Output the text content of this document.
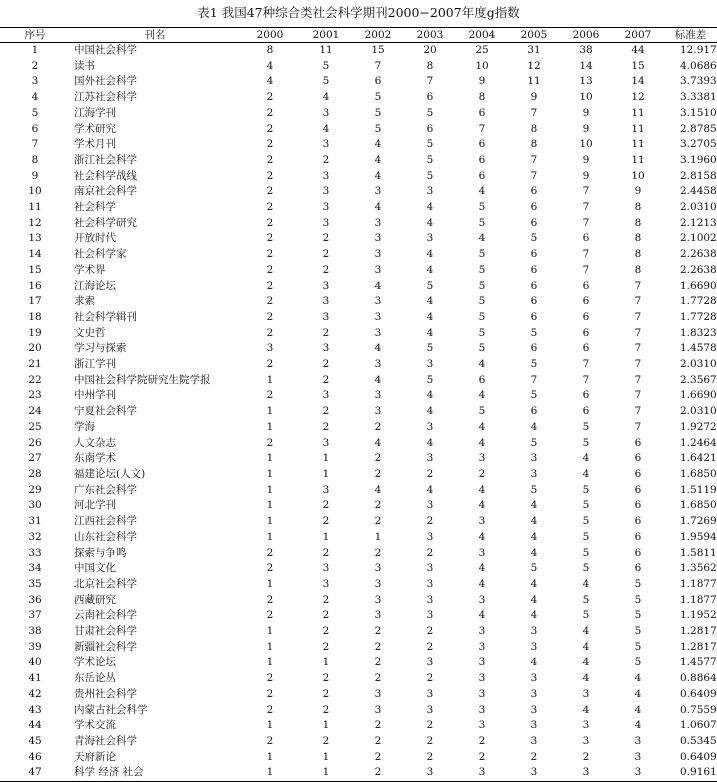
表1 我国47种综合类社会科学期刊2000−2007年度g指数
序号	刊名	2000	2001	2002	2003	2004	2005	2006	2007	标准差
1	中国社会科学	8	11	15	20	25	31	38	44	12.917
2	读书	4	5	7	8	10	12	14	15	4.0686
3	国外社会科学	4	5	6	7	9	11	13	14	3.7393
4	江苏社会科学	2	4	5	6	8	9	10	12	3.3381
5	江海学刊	2	3	5	5	6	7	9	11	3.1510
6	学术研究	2	4	5	6	7	8	9	11	2.8785
7	学术月刊	2	3	4	5	6	8	10	11	3.2705
8	浙江社会科学	2	2	4	5	6	7	9	11	3.1960
9	社会科学战线	2	3	4	5	6	7	9	10	2.8158
10	南京社会科学	2	3	3	3	4	6	7	9	2.4458
11	社会科学	2	3	4	4	5	6	7	8	2.0310
12	社会科学研究	2	3	3	4	5	6	7	8	2.1213
13	开放时代	2	2	3	3	4	5	6	8	2.1002
14	社会科学家	2	2	3	4	5	6	7	8	2.2638
15	学术界	2	2	3	4	5	6	7	8	2.2638
16	江海论坛	2	3	4	5	5	6	6	7	1.6690
17	求索	2	3	3	4	5	6	6	7	1.7728
18	社会科学辑刊	2	3	3	4	5	6	6	7	1.7728
19	文史哲	2	2	3	4	5	5	6	7	1.8323
20	学习与探索	3	3	4	5	5	6	6	7	1.4578
21	浙江学刊	2	2	3	3	4	5	7	7	2.0310
22	中国社会科学院研究生院学报	1	2	4	5	6	7	7	7	2.3567
23	中州学刊	2	3	3	4	4	5	6	7	1.6690
24	宁夏社会科学	1	2	3	4	5	6	6	7	2.0310
25	学海	1	2	2	3	4	4	5	7	1.9272
26	人文杂志	2	3	4	4	4	5	5	6	1.2464
27	东南学术	1	1	2	3	3	3	4	6	1.6421
28	福建论坛(人文)	1	1	2	2	2	3	4	6	1.6850
29	广东社会科学	1	3	4	4	4	5	5	6	1.5119
30	河北学刊	1	2	2	3	4	4	5	6	1.6850
31	江西社会科学	1	2	2	2	3	4	5	6	1.7269
32	山东社会科学	1	1	1	3	4	4	5	6	1.9594
33	探索与争鸣	2	2	2	2	3	4	5	6	1.5811
34	中国文化	2	3	3	3	4	5	5	6	1.3562
35	北京社会科学	1	3	3	3	4	4	4	5	1.1877
36	西藏研究	2	2	3	3	3	4	5	5	1.1877
37	云南社会科学	2	2	3	3	4	4	5	5	1.1952
38	甘肃社会科学	1	2	2	2	3	3	4	5	1.2817
39	新疆社会科学	1	2	2	2	3	3	4	5	1.2817
40	学术论坛	1	1	2	3	3	4	4	5	1.4577
41	东岳论丛	2	2	2	2	3	3	4	4	0.8864
42	贵州社会科学	2	2	3	3	3	3	3	4	0.6409
43	内蒙古社会科学	2	2	3	3	3	3	4	4	0.7559
44	学术交流	1	1	2	2	3	3	3	4	1.0607
45	青海社会科学	2	2	2	2	2	3	3	3	0.5345
46	天府新论	1	1	2	2	2	2	2	3	0.6409
47	科学 经济 社会	1	1	2	3	3	3	3	3	0.9161
